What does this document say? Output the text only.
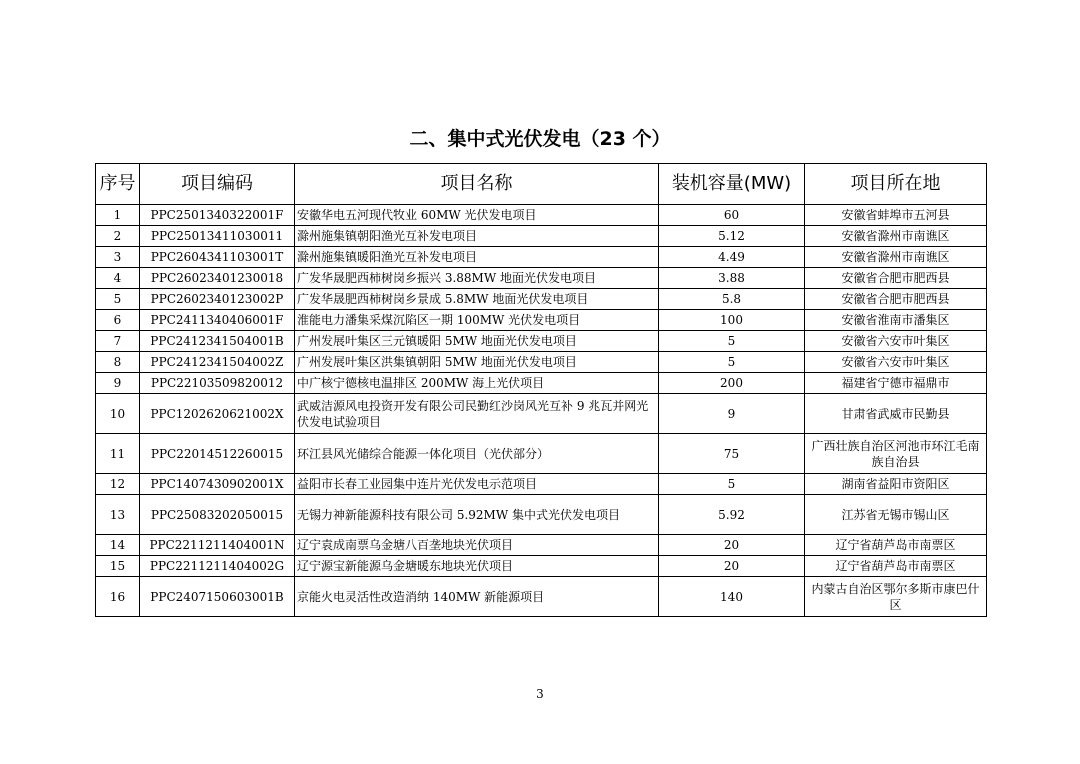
二、集中式光伏发电（23 个）
序号	项目编码	项目名称	装机容量(MW)	项目所在地
1	PPC2501340322001F	安徽华电五河现代牧业 60MW 光伏发电项目	60	安徽省蚌埠市五河县
2	PPC25013411030011	滁州施集镇朝阳渔光互补发电项目	5.12	安徽省滁州市南谯区
3	PPC2604341103001T	滁州施集镇暖阳渔光互补发电项目	4.49	安徽省滁州市南谯区
4	PPC26023401230018	广发华晟肥西柿树岗乡振兴 3.88MW 地面光伏发电项目	3.88	安徽省合肥市肥西县
5	PPC2602340123002P	广发华晟肥西柿树岗乡景成 5.8MW 地面光伏发电项目	5.8	安徽省合肥市肥西县
6	PPC2411340406001F	淮能电力潘集采煤沉陷区一期 100MW 光伏发电项目	100	安徽省淮南市潘集区
7	PPC2412341504001B	广州发展叶集区三元镇暖阳 5MW 地面光伏发电项目	5	安徽省六安市叶集区
8	PPC2412341504002Z	广州发展叶集区洪集镇朝阳 5MW 地面光伏发电项目	5	安徽省六安市叶集区
9	PPC22103509820012	中广核宁德核电温排区 200MW 海上光伏项目	200	福建省宁德市福鼎市
10	PPC1202620621002X	武威洁源风电投资开发有限公司民勤红沙岗风光互补 9 兆瓦并网光伏发电试验项目	9	甘肃省武威市民勤县
11	PPC22014512260015	环江县风光储综合能源一体化项目（光伏部分）	75	广西壮族自治区河池市环江毛南族自治县
12	PPC1407430902001X	益阳市长春工业园集中连片光伏发电示范项目	5	湖南省益阳市资阳区
13	PPC25083202050015	无锡力神新能源科技有限公司 5.92MW 集中式光伏发电项目	5.92	江苏省无锡市锡山区
14	PPC2211211404001N	辽宁袁成南票乌金塘八百垄地块光伏项目	20	辽宁省葫芦岛市南票区
15	PPC2211211404002G	辽宁源宝新能源乌金塘暖东地块光伏项目	20	辽宁省葫芦岛市南票区
16	PPC2407150603001B	京能火电灵活性改造消纳 140MW 新能源项目	140	内蒙古自治区鄂尔多斯市康巴什区
3
